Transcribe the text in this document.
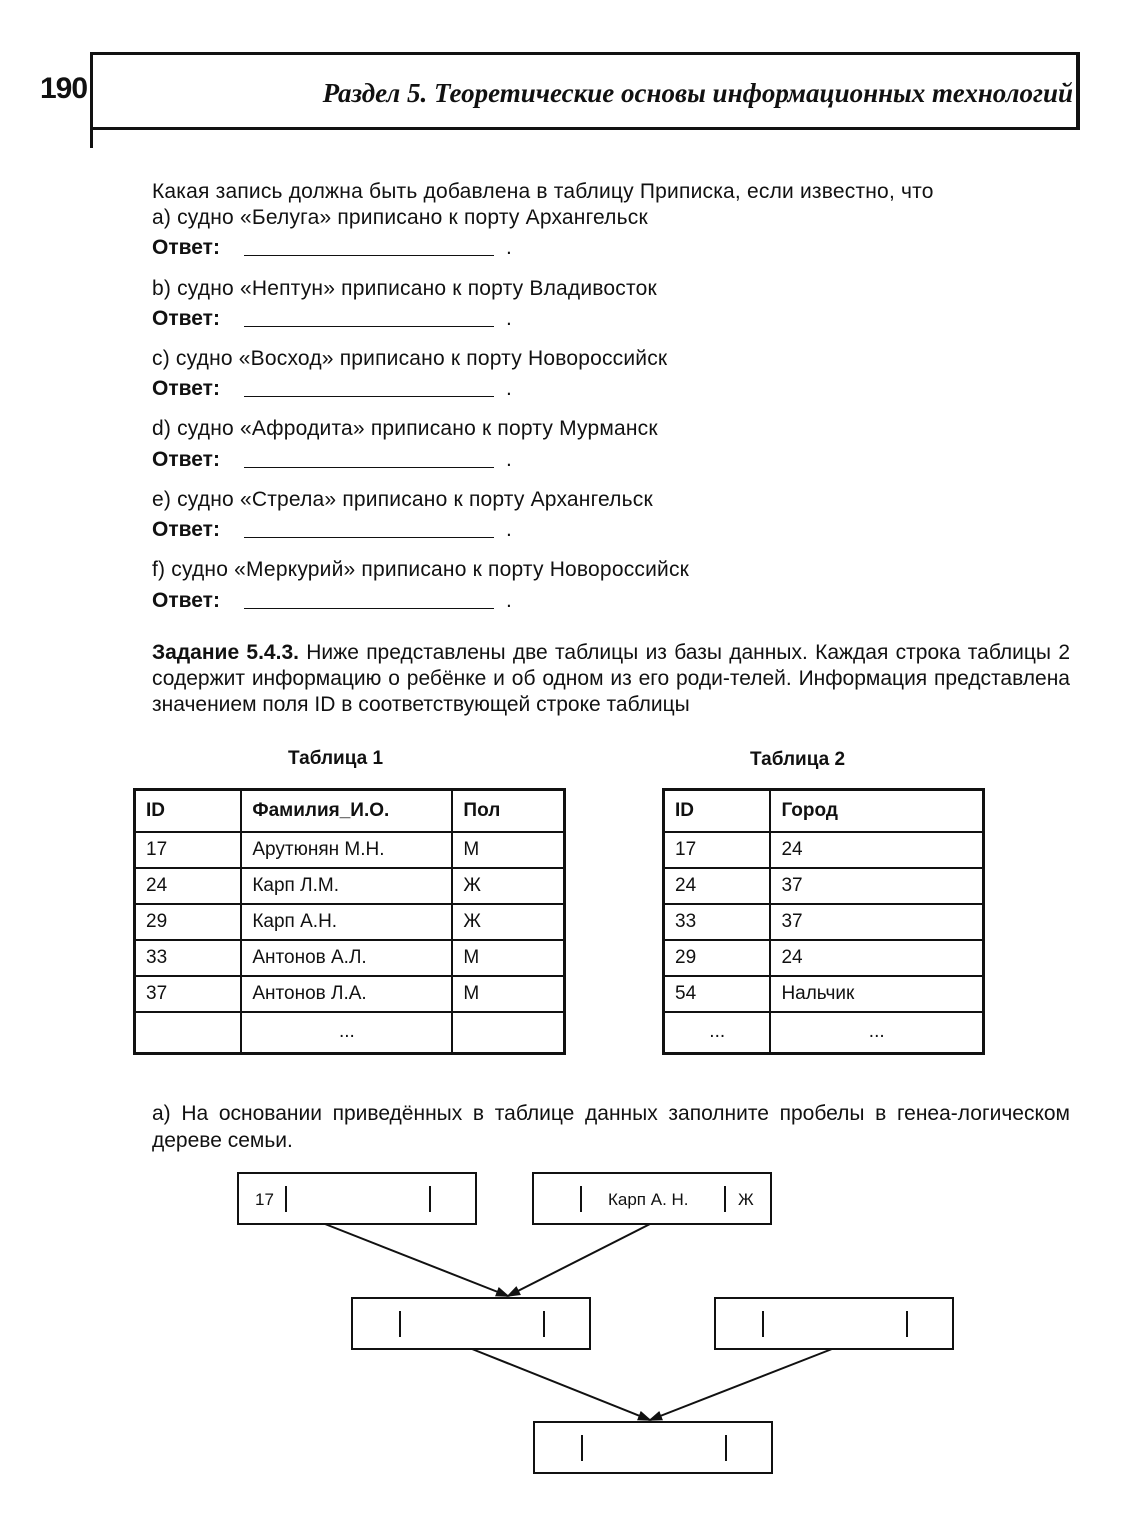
190	Раздел 5. Теоретические основы информационных технологий
Какая запись должна быть добавлена в таблицу Приписка, если известно, что
а) судно «Белуга» приписано к порту Архангельск
Ответ:	.
b) судно «Нептун» приписано к порту Владивосток
Ответ:	.
c) судно «Восход» приписано к порту Новороссийск
Ответ:	.
d) судно «Афродита» приписано к порту Мурманск
Ответ:	.
e) судно «Стрела» приписано к порту Архангельск
Ответ:	.
f) судно «Меркурий» приписано к порту Новороссийск
Ответ:	.
Задание 5.4.3. Ниже представлены две таблицы из базы данных. Каждая строка таблицы 2 содержит информацию о ребёнке и об одном из его роди-телей. Информация представлена значением поля ID в соответствующей строке таблицы
Таблица 1	Таблица 2
ID	Фамилия_И.О.	Пол
17	Арутюнян М.Н.	М
24	Карп Л.М.	Ж
29	Карп А.Н.	Ж
33	Антонов А.Л.	М
37	Антонов Л.А.	М
	...	
ID	Город
17	24
24	37
33	37
29	24
54	Нальчик
...	...
а) На основании приведённых в таблице данных заполните пробелы в генеа-логическом дереве семьи.
17	Карп А. Н.	Ж
